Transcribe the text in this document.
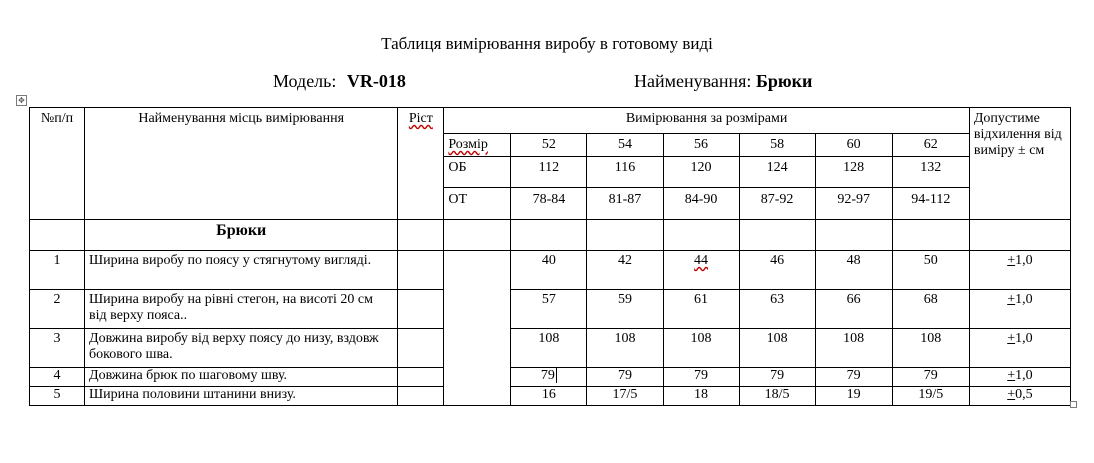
Таблиця вимірювання виробу в готовому виді
Модель: VR-018	Найменування: Брюки
✥
№п/п	Найменування місць вимірювання	Ріст	Вимірювання за розмірами							Допустиме відхилення від виміру ± см
			Розмір	52	54	56	58	60	62	
			ОБ	112	116	120	124	128	132	
			ОТ	78-84	81-87	84-90	87-92	92-97	94-112	
	Брюки									
1	Ширина виробу по поясу у стягнутому вигляді.			40	42	44	46	48	50	+1,0
2	Ширина виробу на рівні стегон, на висоті 20 см від верху пояса..			57	59	61	63	66	68	+1,0
3	Довжина виробу від верху поясу до низу, вздовж бокового шва.			108	108	108	108	108	108	+1,0
4	Довжина брюк по шаговому шву.			79	79	79	79	79	79	+1,0
5	Ширина половини штанини внизу.			16	17/5	18	18/5	19	19/5	+0,5
